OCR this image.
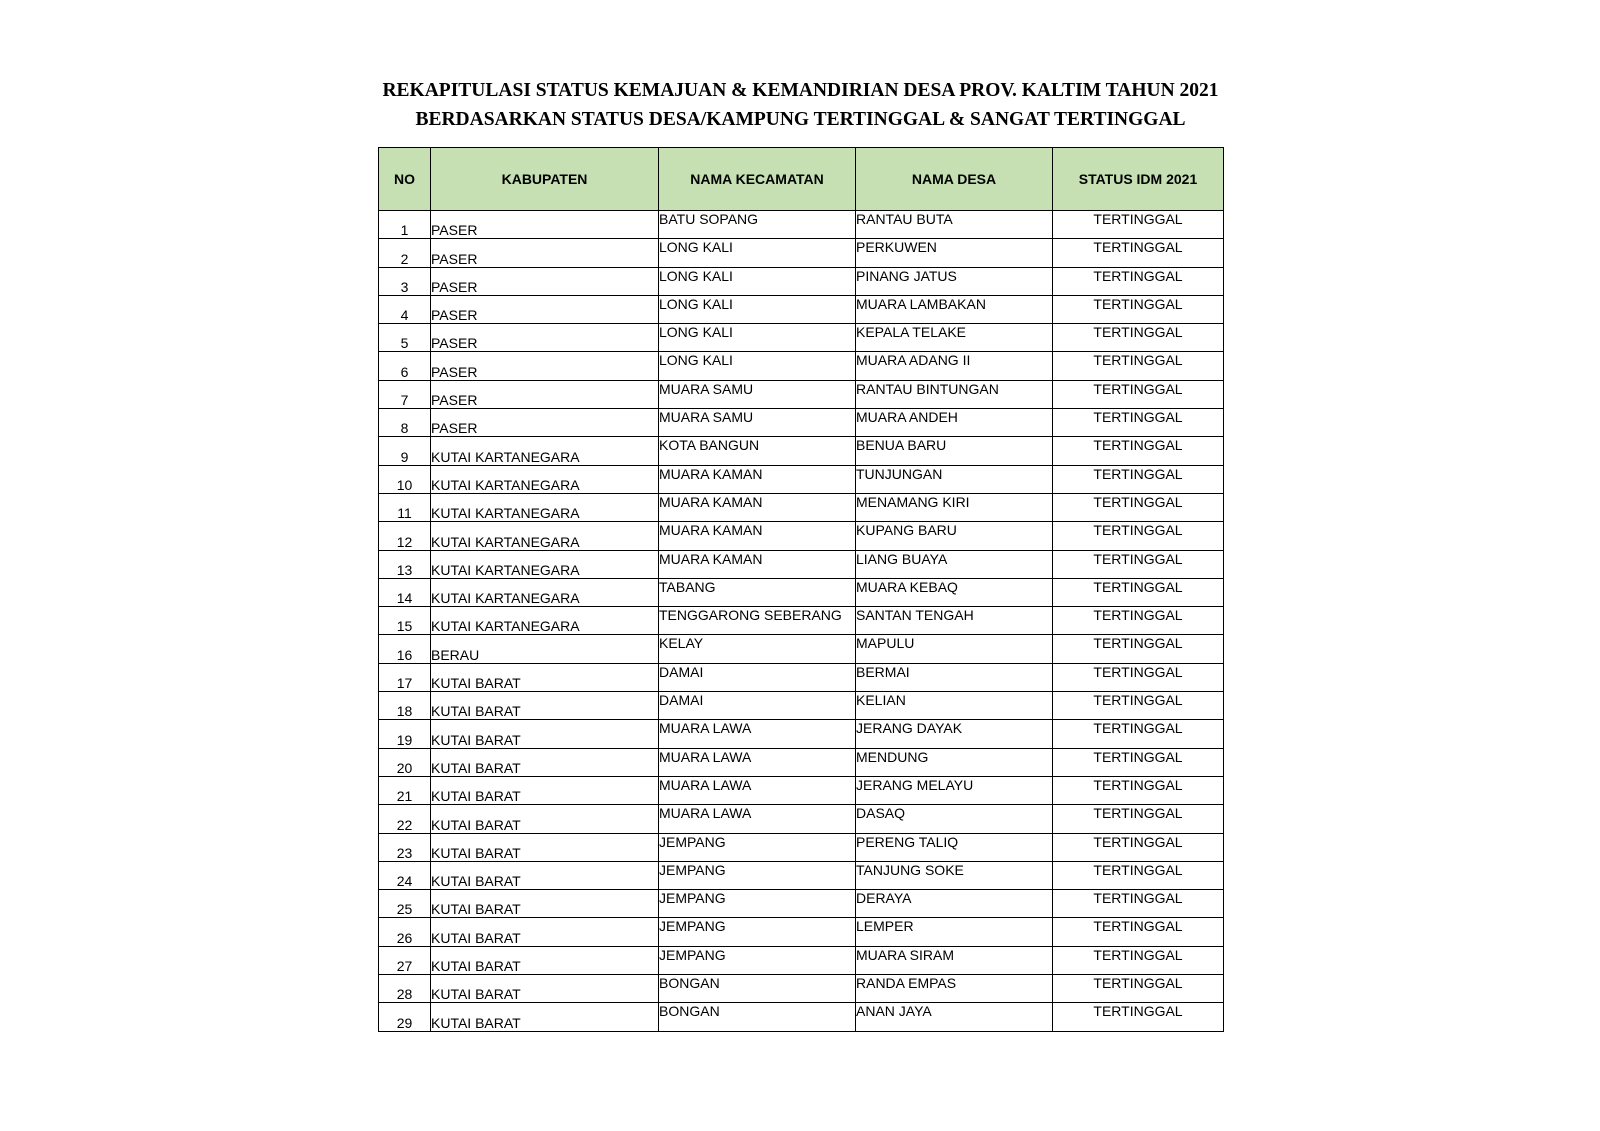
REKAPITULASI STATUS KEMAJUAN & KEMANDIRIAN DESA PROV. KALTIM TAHUN 2021
BERDASARKAN STATUS DESA/KAMPUNG TERTINGGAL & SANGAT TERTINGGAL
NO	KABUPATEN	NAMA KECAMATAN	NAMA DESA	STATUS IDM 2021
1	PASER	BATU SOPANG	RANTAU BUTA	TERTINGGAL
2	PASER	LONG KALI	PERKUWEN	TERTINGGAL
3	PASER	LONG KALI	PINANG JATUS	TERTINGGAL
4	PASER	LONG KALI	MUARA LAMBAKAN	TERTINGGAL
5	PASER	LONG KALI	KEPALA TELAKE	TERTINGGAL
6	PASER	LONG KALI	MUARA ADANG II	TERTINGGAL
7	PASER	MUARA SAMU	RANTAU BINTUNGAN	TERTINGGAL
8	PASER	MUARA SAMU	MUARA ANDEH	TERTINGGAL
9	KUTAI KARTANEGARA	KOTA BANGUN	BENUA BARU	TERTINGGAL
10	KUTAI KARTANEGARA	MUARA KAMAN	TUNJUNGAN	TERTINGGAL
11	KUTAI KARTANEGARA	MUARA KAMAN	MENAMANG KIRI	TERTINGGAL
12	KUTAI KARTANEGARA	MUARA KAMAN	KUPANG BARU	TERTINGGAL
13	KUTAI KARTANEGARA	MUARA KAMAN	LIANG BUAYA	TERTINGGAL
14	KUTAI KARTANEGARA	TABANG	MUARA KEBAQ	TERTINGGAL
15	KUTAI KARTANEGARA	TENGGARONG SEBERANG	SANTAN TENGAH	TERTINGGAL
16	BERAU	KELAY	MAPULU	TERTINGGAL
17	KUTAI BARAT	DAMAI	BERMAI	TERTINGGAL
18	KUTAI BARAT	DAMAI	KELIAN	TERTINGGAL
19	KUTAI BARAT	MUARA LAWA	JERANG DAYAK	TERTINGGAL
20	KUTAI BARAT	MUARA LAWA	MENDUNG	TERTINGGAL
21	KUTAI BARAT	MUARA LAWA	JERANG MELAYU	TERTINGGAL
22	KUTAI BARAT	MUARA LAWA	DASAQ	TERTINGGAL
23	KUTAI BARAT	JEMPANG	PERENG TALIQ	TERTINGGAL
24	KUTAI BARAT	JEMPANG	TANJUNG SOKE	TERTINGGAL
25	KUTAI BARAT	JEMPANG	DERAYA	TERTINGGAL
26	KUTAI BARAT	JEMPANG	LEMPER	TERTINGGAL
27	KUTAI BARAT	JEMPANG	MUARA SIRAM	TERTINGGAL
28	KUTAI BARAT	BONGAN	RANDA EMPAS	TERTINGGAL
29	KUTAI BARAT	BONGAN	ANAN JAYA	TERTINGGAL
